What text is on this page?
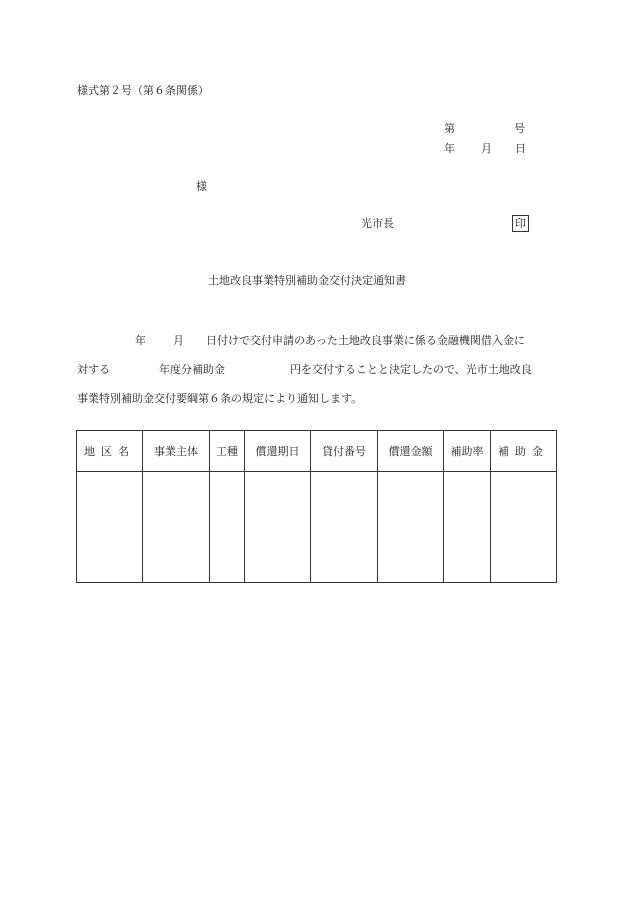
様式第２号（第６条関係）
第	号
年 月 日
様
光市長	印
土地改良事業特別補助金交付決定通知書
年 月 日付けで交付申請のあった土地改良事業に係る金融機関借入金に
対する	年度分補助金	円を交付することと決定したので、光市土地改良
事業特別補助金交付要綱第６条の規定により通知します。
地区名	事業主体	工種	償還期日	貸付番号	償還金額	補助率	補助金
